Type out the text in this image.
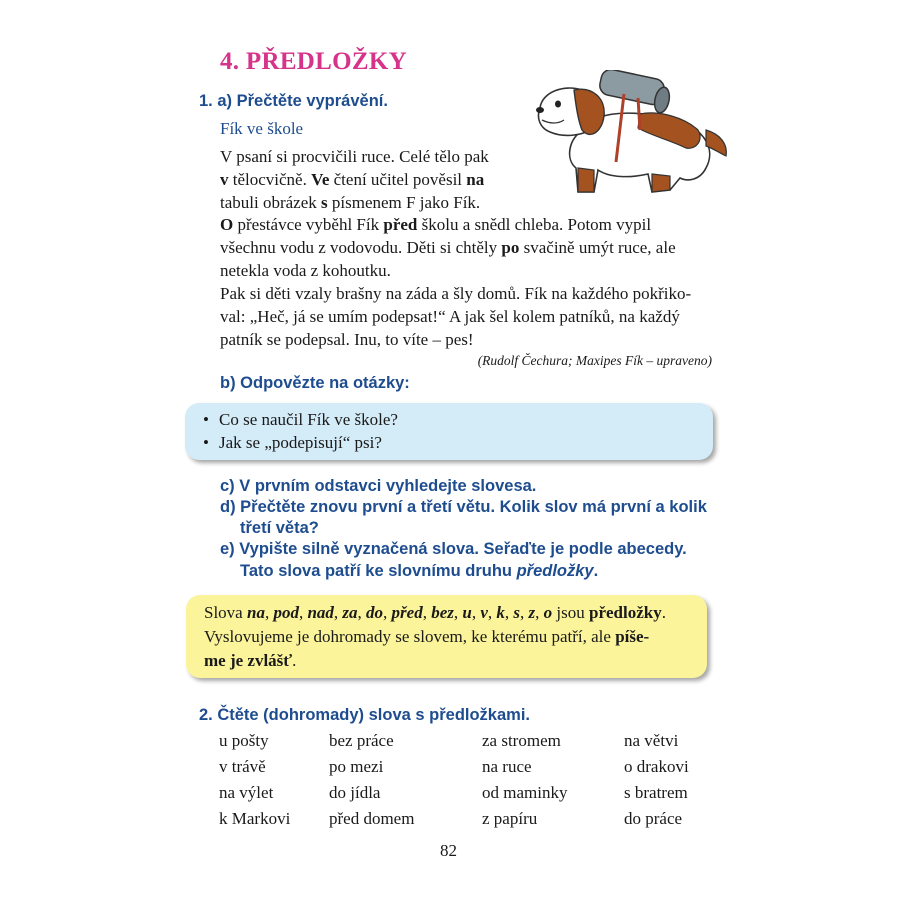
4. PŘEDLOŽKY
1. a) Přečtěte vyprávění.
Fík ve škole
V psaní si procvičili ruce. Celé tělo pak
v tělocvičně. Ve čtení učitel pověsil na
tabuli obrázek s písmenem F jako Fík.
O přestávce vyběhl Fík před školu a snědl chleba. Potom vypil
všechnu vodu z vodovodu. Děti si chtěly po svačině umýt ruce, ale
netekla voda z kohoutku.
Pak si děti vzaly brašny na záda a šly domů. Fík na každého pokřiko-
val: „Heč, já se umím podepsat!“ A jak šel kolem patníků, na každý
patník se podepsal. Inu, to víte – pes!
(Rudolf Čechura; Maxipes Fík – upraveno)
b) Odpovězte na otázky:
• Co se naučil Fík ve škole?
• Jak se „podepisují“ psi?
c) V prvním odstavci vyhledejte slovesa.
d) Přečtěte znovu první a třetí větu. Kolik slov má první a kolik
třetí věta?
e) Vypište silně vyznačená slova. Seřaďte je podle abecedy.
Tato slova patří ke slovnímu druhu předložky.
Slova na, pod, nad, za, do, před, bez, u, v, k, s, z, o jsou předložky.
Vyslovujeme je dohromady se slovem, ke kterému patří, ale píše-
me je zvlášť.
2. Čtěte (dohromady) slova s předložkami.
u pošty
v trávě
na výlet
k Markovi
bez práce
po mezi
do jídla
před domem
za stromem
na ruce
od maminky
z papíru
na větvi
o drakovi
s bratrem
do práce
82
